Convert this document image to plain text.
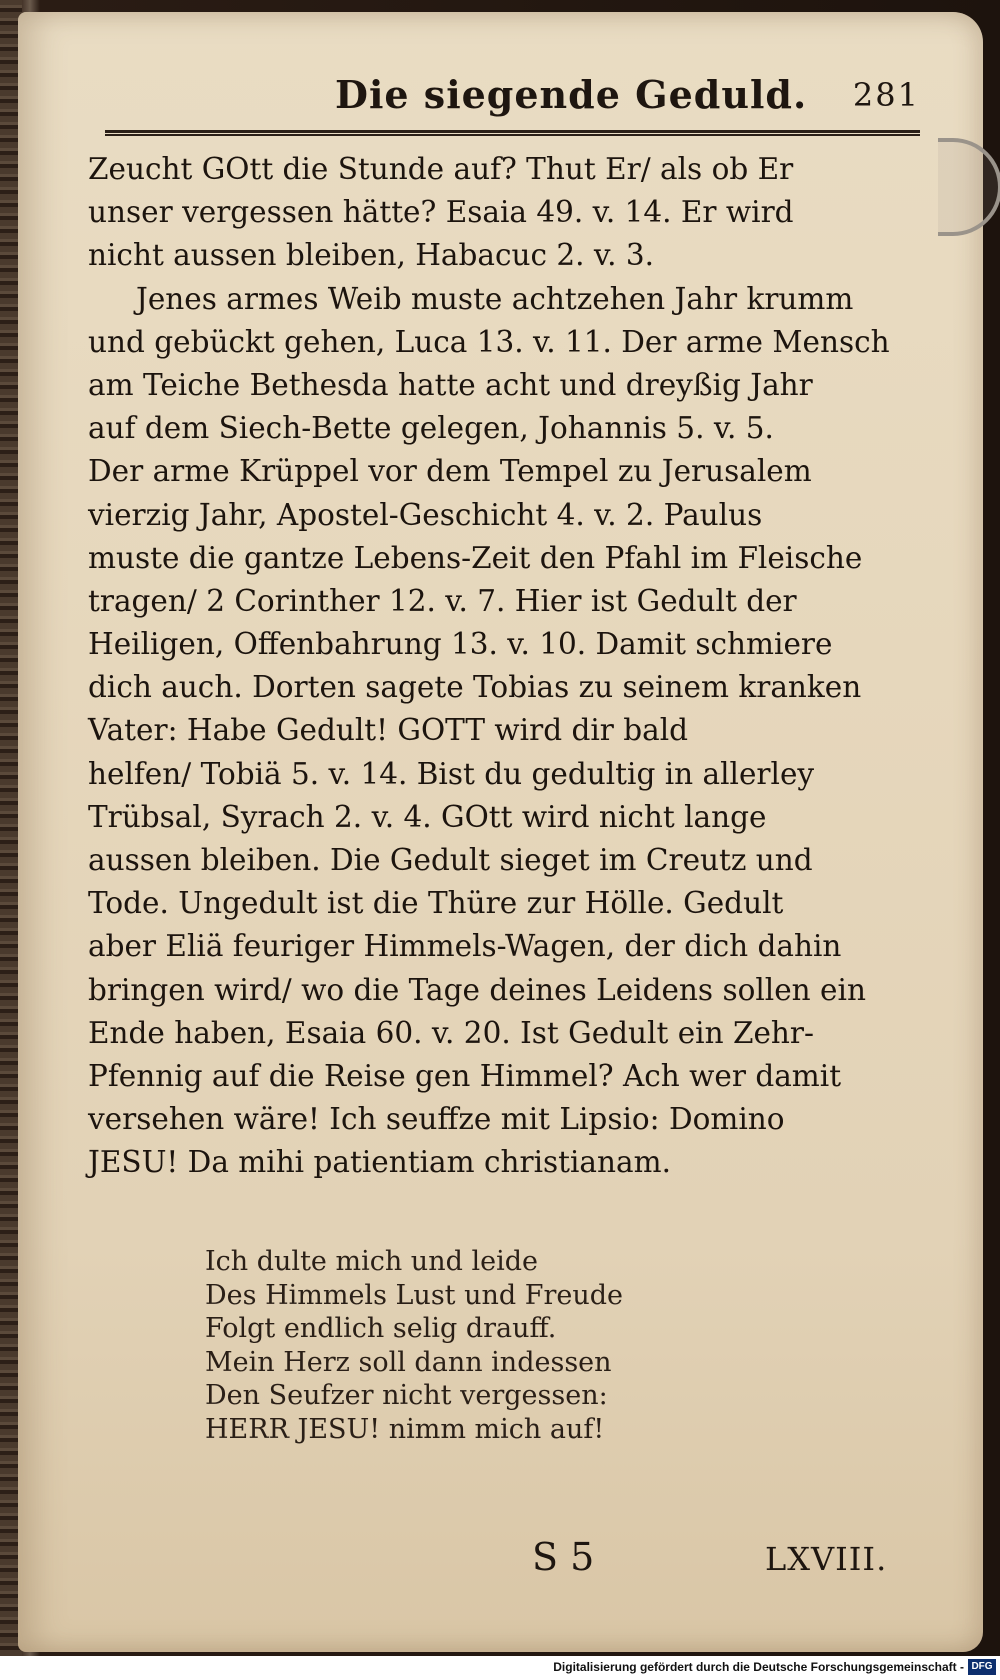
Die siegende Geduld. 281
Zeucht GOtt die Stunde auf? Thut Er/ als ob Er
unser vergessen hätte? Esaia 49. v. 14. Er wird
nicht aussen bleiben, Habacuc 2. v. 3.
Jenes armes Weib muste achtzehen Jahr krumm
und gebückt gehen, Luca 13. v. 11. Der arme Mensch
am Teiche Bethesda hatte acht und dreyßig Jahr
auf dem Siech-Bette gelegen, Johannis 5. v. 5.
Der arme Krüppel vor dem Tempel zu Jerusalem
vierzig Jahr, Apostel-Geschicht 4. v. 2. Paulus
muste die gantze Lebens-Zeit den Pfahl im Fleische
tragen/ 2 Corinther 12. v. 7. Hier ist Gedult der
Heiligen, Offenbahrung 13. v. 10. Damit schmiere
dich auch. Dorten sagete Tobias zu seinem kranken
Vater: Habe Gedult! GOTT wird dir bald
helfen/ Tobiä 5. v. 14. Bist du gedultig in allerley
Trübsal, Syrach 2. v. 4. GOtt wird nicht lange
aussen bleiben. Die Gedult sieget im Creutz und
Tode. Ungedult ist die Thüre zur Hölle. Gedult
aber Eliä feuriger Himmels-Wagen, der dich dahin
bringen wird/ wo die Tage deines Leidens sollen ein
Ende haben, Esaia 60. v. 20. Ist Gedult ein Zehr-
Pfennig auf die Reise gen Himmel? Ach wer damit
versehen wäre! Ich seuffze mit Lipsio: Domino
JESU! Da mihi patientiam christianam.
Ich dulte mich und leide
Des Himmels Lust und Freude
Folgt endlich selig drauff.
Mein Herz soll dann indessen
Den Seufzer nicht vergessen:
HERR JESU! nimm mich auf!
S 5	LXVIII.
Digitalisierung gefördert durch die Deutsche Forschungsgemeinschaft - DFG
